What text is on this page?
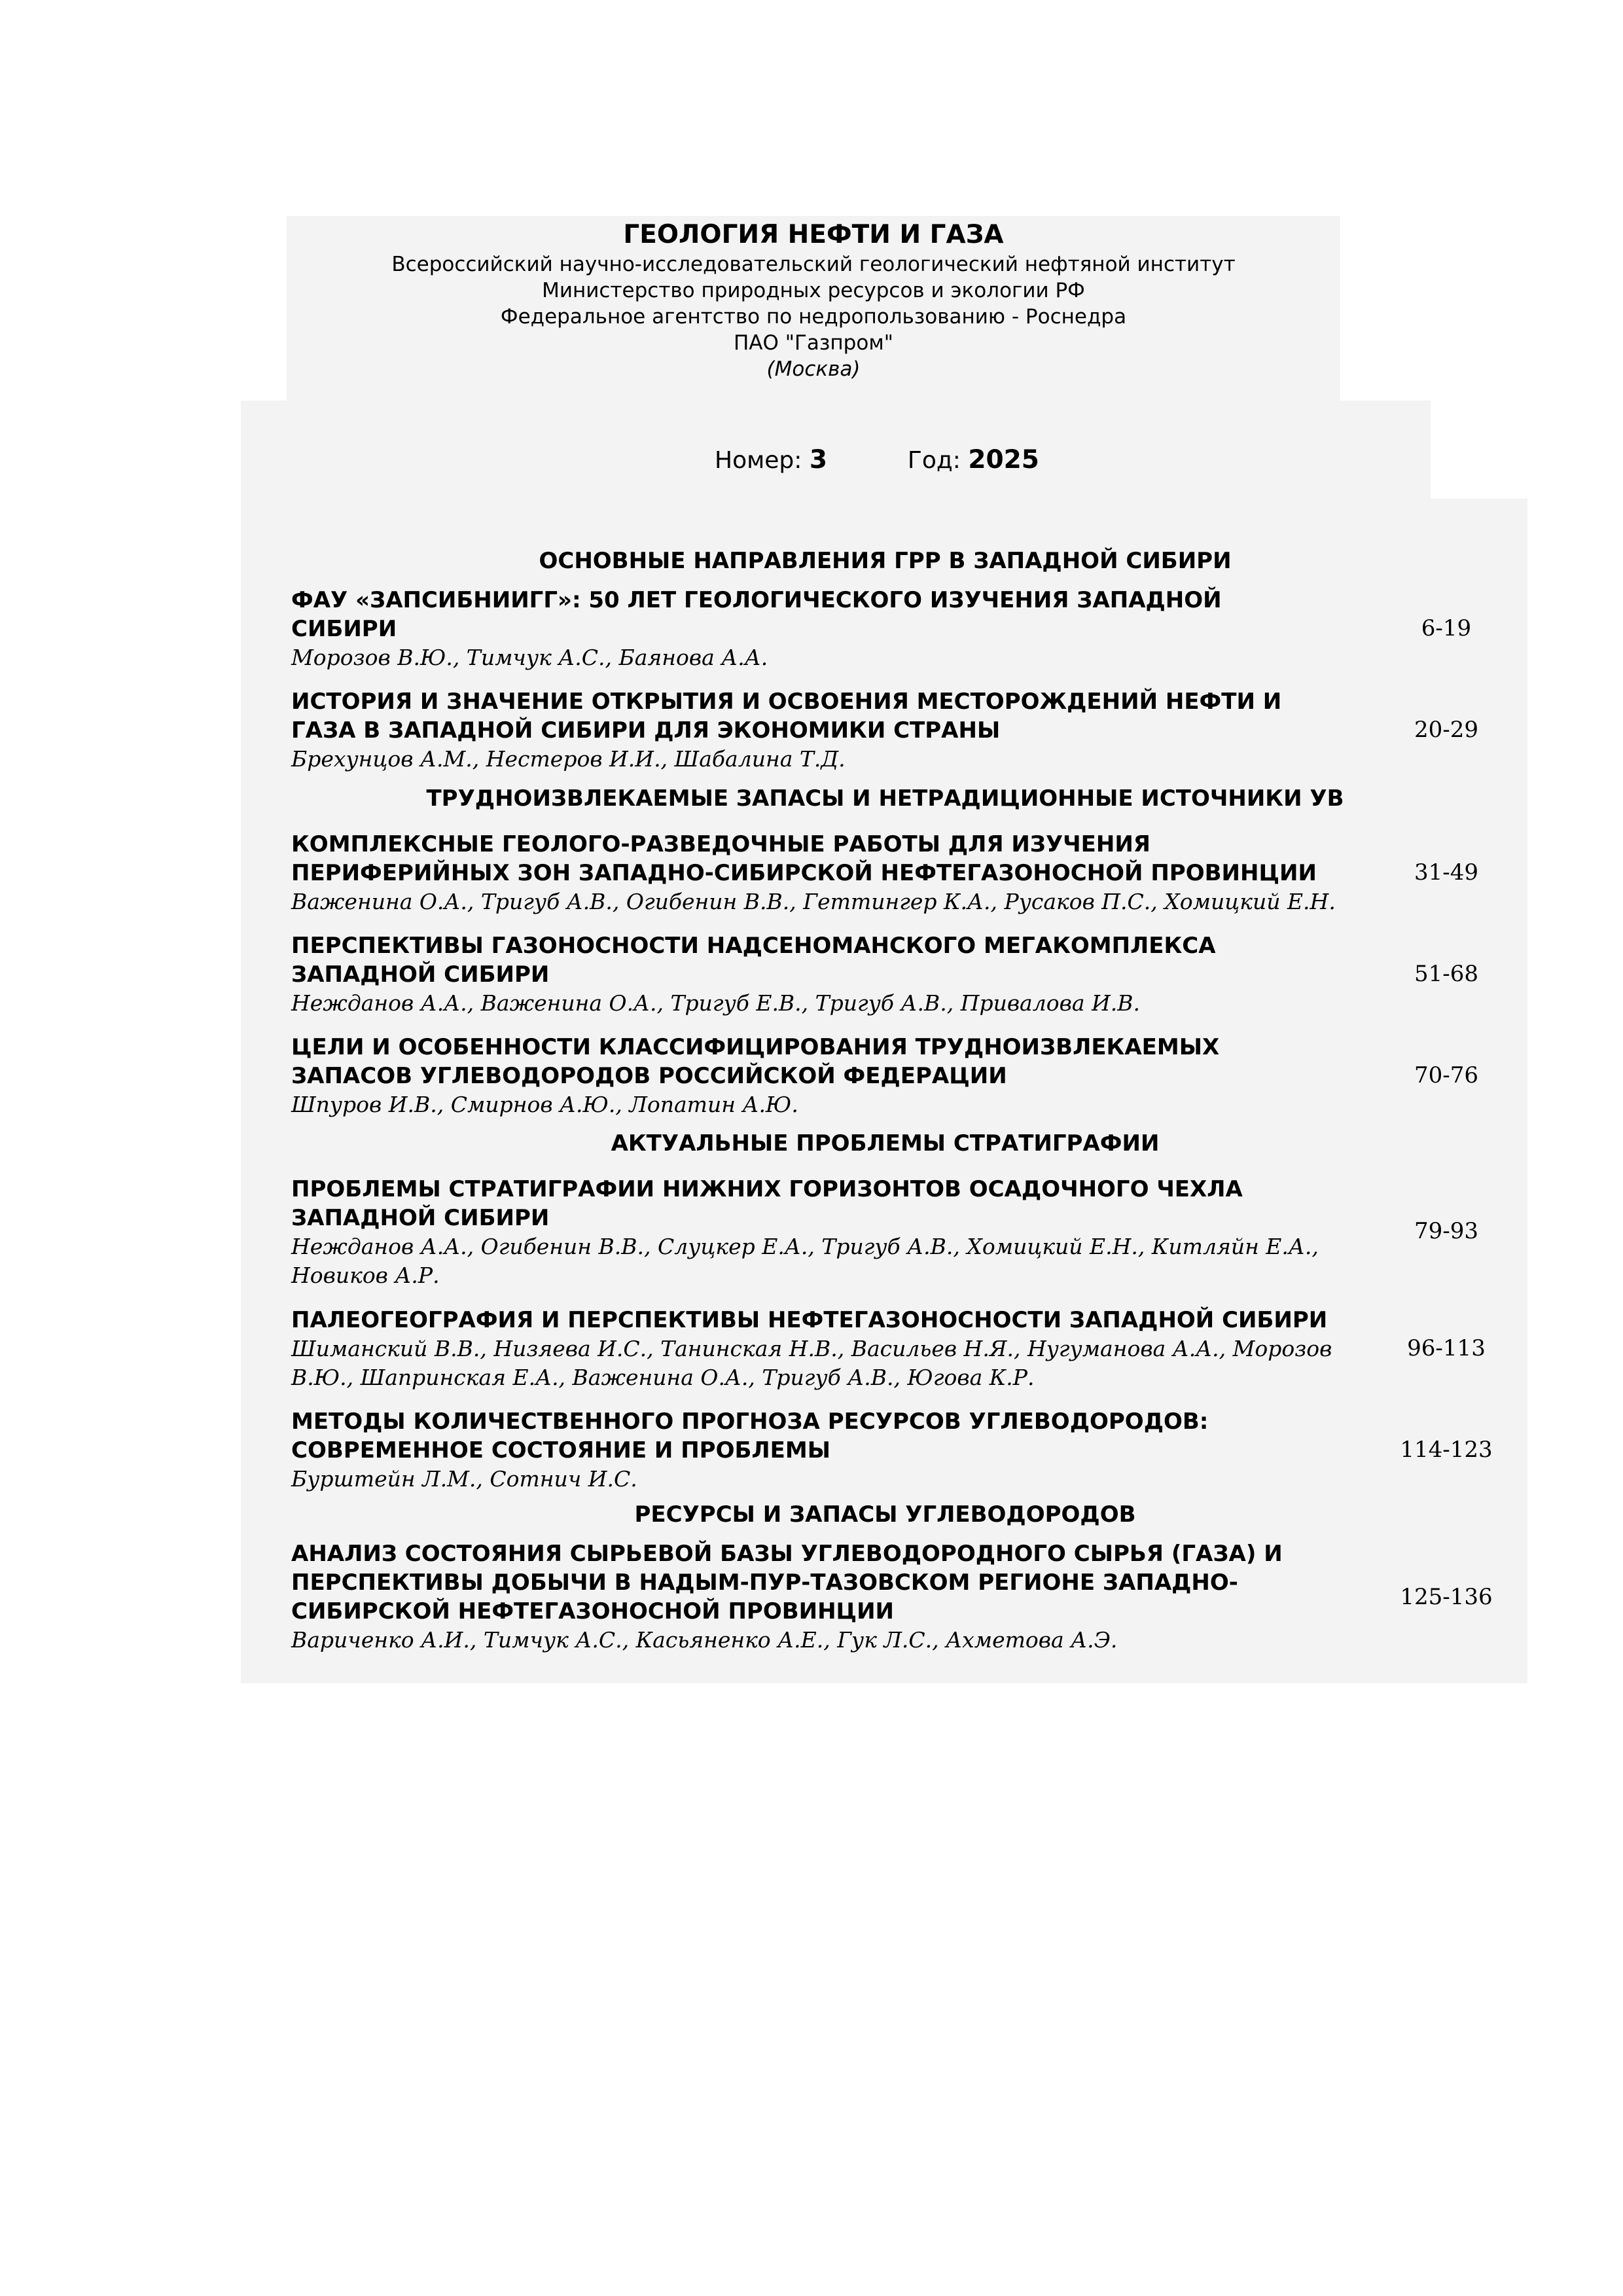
ГЕОЛОГИЯ НЕФТИ И ГАЗА
Всероссийский научно-исследовательский геологический нефтяной институт
Министерство природных ресурсов и экологии РФ
Федеральное агентство по недропользованию - Роснедра
ПАО "Газпром"
(Москва)
Номер: 3	Год: 2025
ОСНОВНЫЕ НАПРАВЛЕНИЯ ГРР В ЗАПАДНОЙ СИБИРИ
ФАУ «ЗАПСИБНИИГГ»: 50 ЛЕТ ГЕОЛОГИЧЕСКОГО ИЗУЧЕНИЯ ЗАПАДНОЙ
СИБИРИ
Морозов В.Ю., Тимчук А.С., Баянова А.А.
6-19
ИСТОРИЯ И ЗНАЧЕНИЕ ОТКРЫТИЯ И ОСВОЕНИЯ МЕСТОРОЖДЕНИЙ НЕФТИ И
ГАЗА В ЗАПАДНОЙ СИБИРИ ДЛЯ ЭКОНОМИКИ СТРАНЫ
Брехунцов А.М., Нестеров И.И., Шабалина Т.Д.
20-29
ТРУДНОИЗВЛЕКАЕМЫЕ ЗАПАСЫ И НЕТРАДИЦИОННЫЕ ИСТОЧНИКИ УВ
КОМПЛЕКСНЫЕ ГЕОЛОГО-РАЗВЕДОЧНЫЕ РАБОТЫ ДЛЯ ИЗУЧЕНИЯ
ПЕРИФЕРИЙНЫХ ЗОН ЗАПАДНО-СИБИРСКОЙ НЕФТЕГАЗОНОСНОЙ ПРОВИНЦИИ
Важенина О.А., Тригуб А.В., Огибенин В.В., Геттингер К.А., Русаков П.С., Хомицкий Е.Н.
31-49
ПЕРСПЕКТИВЫ ГАЗОНОСНОСТИ НАДСЕНОМАНСКОГО МЕГАКОМПЛЕКСА
ЗАПАДНОЙ СИБИРИ
Нежданов А.А., Важенина О.А., Тригуб Е.В., Тригуб А.В., Привалова И.В.
51-68
ЦЕЛИ И ОСОБЕННОСТИ КЛАССИФИЦИРОВАНИЯ ТРУДНОИЗВЛЕКАЕМЫХ
ЗАПАСОВ УГЛЕВОДОРОДОВ РОССИЙСКОЙ ФЕДЕРАЦИИ
Шпуров И.В., Смирнов А.Ю., Лопатин А.Ю.
70-76
АКТУАЛЬНЫЕ ПРОБЛЕМЫ СТРАТИГРАФИИ
ПРОБЛЕМЫ СТРАТИГРАФИИ НИЖНИХ ГОРИЗОНТОВ ОСАДОЧНОГО ЧЕХЛА
ЗАПАДНОЙ СИБИРИ
Нежданов А.А., Огибенин В.В., Слуцкер Е.А., Тригуб А.В., Хомицкий Е.Н., Китляйн Е.А.,
Новиков А.Р.
79-93
ПАЛЕОГЕОГРАФИЯ И ПЕРСПЕКТИВЫ НЕФТЕГАЗОНОСНОСТИ ЗАПАДНОЙ СИБИРИ
Шиманский В.В., Низяева И.С., Танинская Н.В., Васильев Н.Я., Нугуманова А.А., Морозов
В.Ю., Шапринская Е.А., Важенина О.А., Тригуб А.В., Югова К.Р.
96-113
МЕТОДЫ КОЛИЧЕСТВЕННОГО ПРОГНОЗА РЕСУРСОВ УГЛЕВОДОРОДОВ:
СОВРЕМЕННОЕ СОСТОЯНИЕ И ПРОБЛЕМЫ
Бурштейн Л.М., Сотнич И.С.
114-123
РЕСУРСЫ И ЗАПАСЫ УГЛЕВОДОРОДОВ
АНАЛИЗ СОСТОЯНИЯ СЫРЬЕВОЙ БАЗЫ УГЛЕВОДОРОДНОГО СЫРЬЯ (ГАЗА) И
ПЕРСПЕКТИВЫ ДОБЫЧИ В НАДЫМ-ПУР-ТАЗОВСКОМ РЕГИОНЕ ЗАПАДНО-
СИБИРСКОЙ НЕФТЕГАЗОНОСНОЙ ПРОВИНЦИИ
Вариченко А.И., Тимчук А.С., Касьяненко А.Е., Гук Л.С., Ахметова А.Э.
125-136
